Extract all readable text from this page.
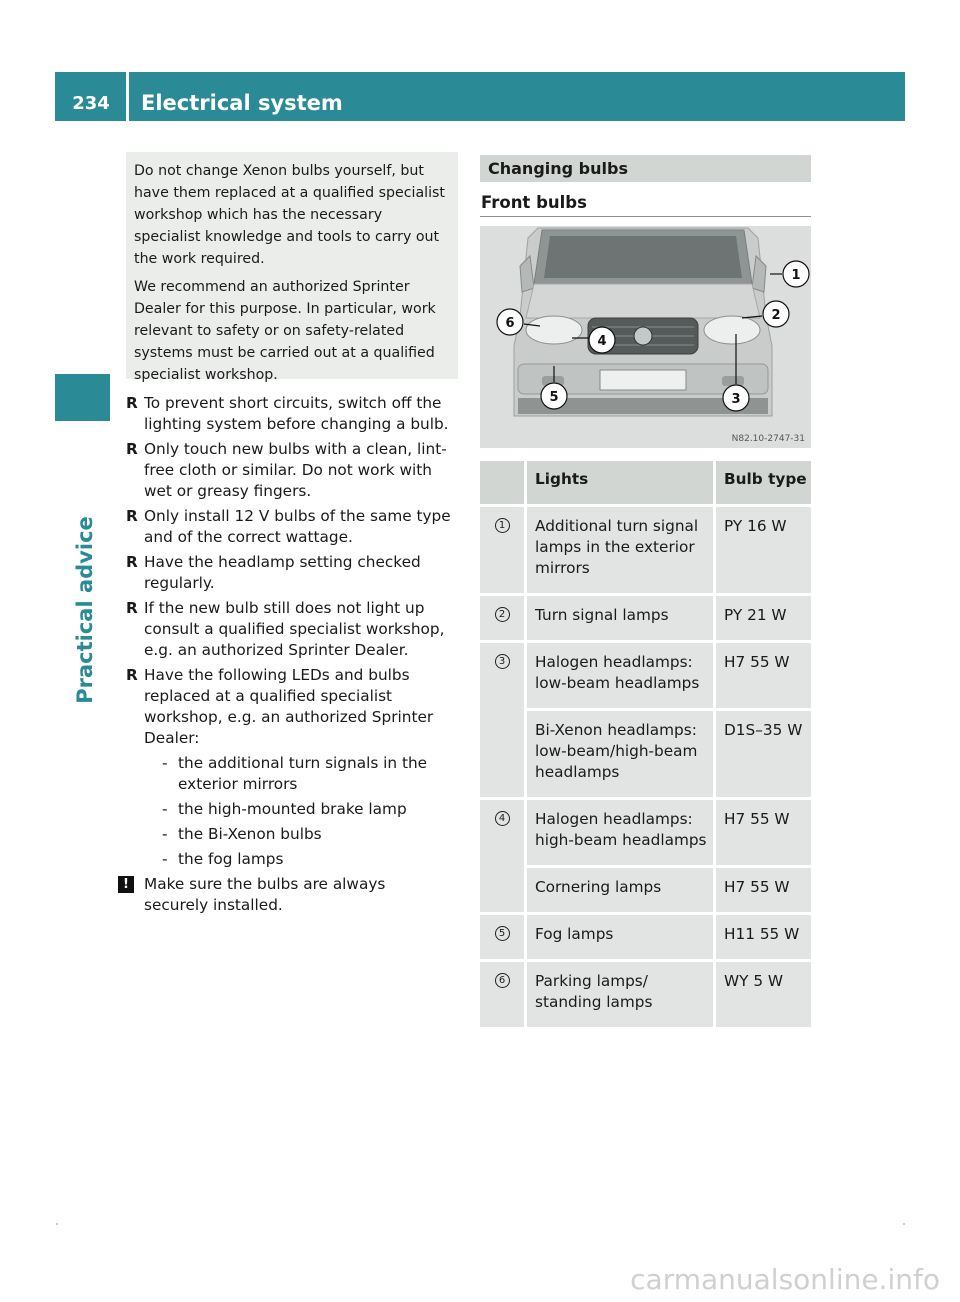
234	Electrical system
Practical advice

Do not change Xenon bulbs yourself, but have them replaced at a qualified specialist workshop which has the necessary specialist knowledge and tools to carry out the work required.

We recommend an authorized Sprinter Dealer for this purpose. In particular, work relevant to safety or on safety-related systems must be carried out at a qualified specialist workshop.

R To prevent short circuits, switch off the lighting system before changing a bulb.
R Only touch new bulbs with a clean, lint-free cloth or similar. Do not work with wet or greasy fingers.
R Only install 12 V bulbs of the same type and of the correct wattage.
R Have the headlamp setting checked regularly.
R If the new bulb still does not light up consult a qualified specialist workshop, e.g. an authorized Sprinter Dealer.
R Have the following LEDs and bulbs replaced at a qualified specialist workshop, e.g. an authorized Sprinter Dealer:
- the additional turn signals in the exterior mirrors
- the high-mounted brake lamp
- the Bi-Xenon bulbs
- the fog lamps
! Make sure the bulbs are always securely installed.
Changing bulbs
Front bulbs
1
2
3
4
5
6
N82.10-2747-31
	Lights	Bulb type
1	Additional turn signal lamps in the exterior mirrors	PY 16 W
2	Turn signal lamps	PY 21 W
3	Halogen headlamps: low-beam headlamps	H7 55 W
	Bi-Xenon headlamps: low-beam/high-beam headlamps	D1S–35 W
4	Halogen headlamps: high-beam headlamps	H7 55 W
	Cornering lamps	H7 55 W
5	Fog lamps	H11 55 W
6	Parking lamps/ standing lamps	WY 5 W
carmanualsonline.info
